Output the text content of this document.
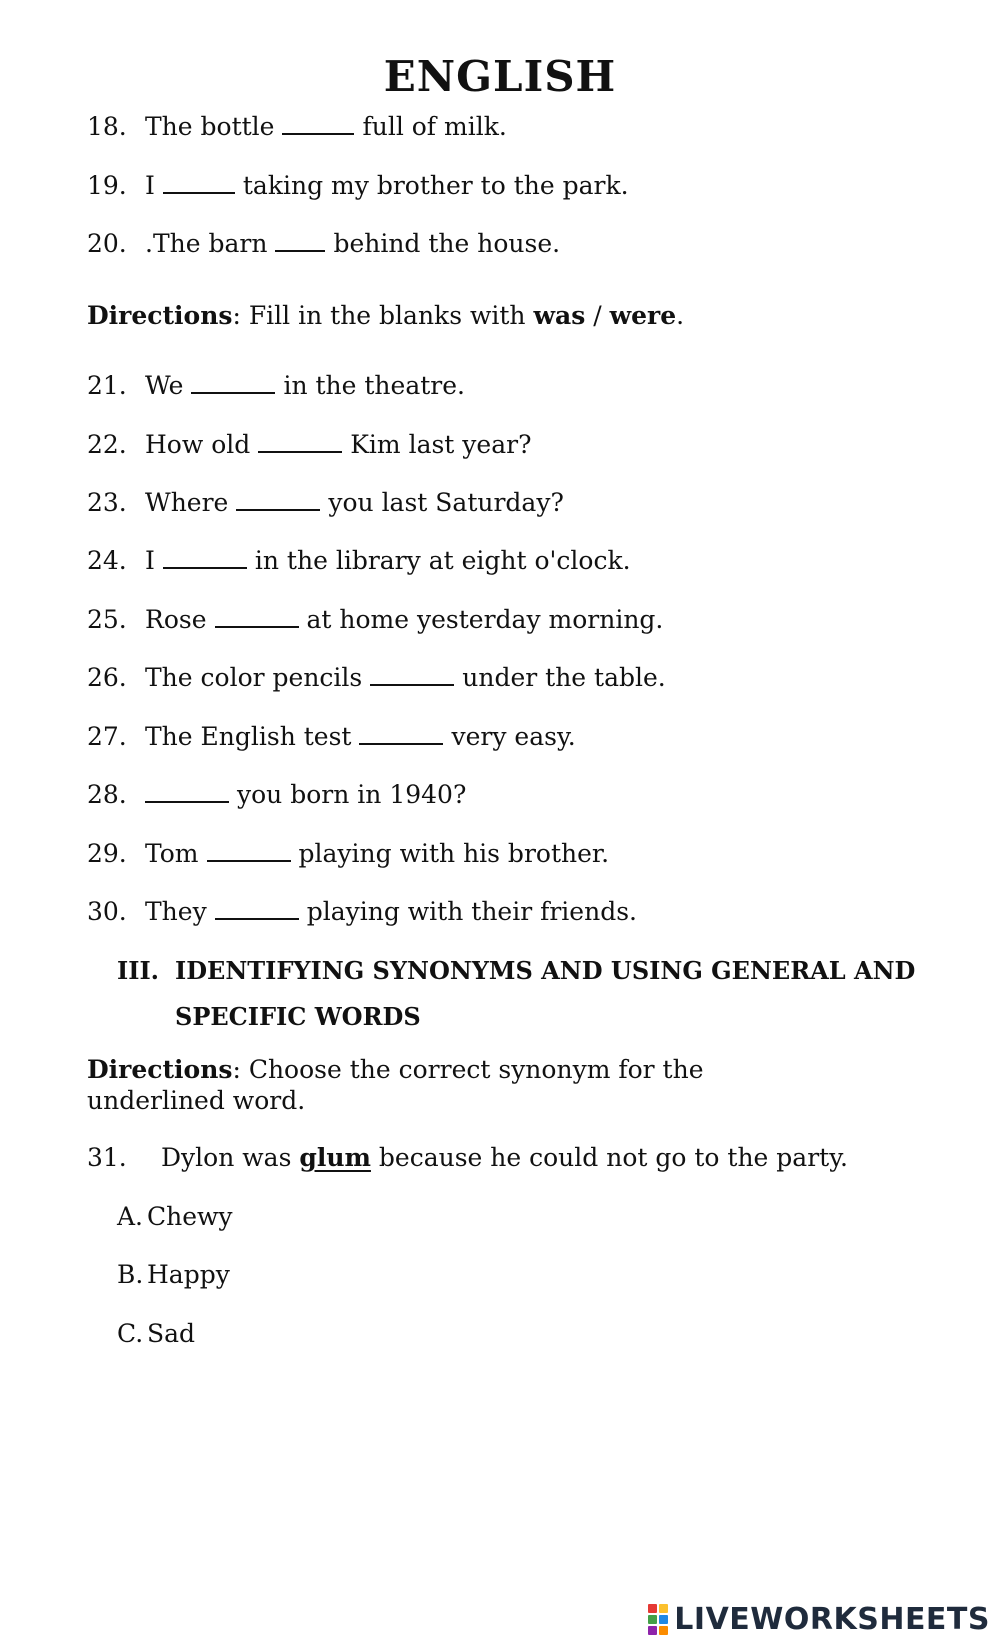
ENGLISH
18. The bottle	full of milk.
19. I	taking my brother to the park.
20. .The barn	behind the house.
Directions: Fill in the blanks with was / were.
21. We	in the theatre.
22. How old	Kim last year?
23. Where	you last Saturday?
24. I	in the library at eight o'clock.
25. Rose	at home yesterday morning.
26. The color pencils	under the table.
27. The English test	very easy.
28.	you born in 1940?
29. Tom	playing with his brother.
30. They	playing with their friends.
III. IDENTIFYING SYNONYMS AND USING GENERAL AND
SPECIFIC WORDS
Directions: Choose the correct synonym for the underlined word.
31. Dylon was glum because he could not go to the party.
A. Chewy
B. Happy
C. Sad
LIVEWORKSHEETS
